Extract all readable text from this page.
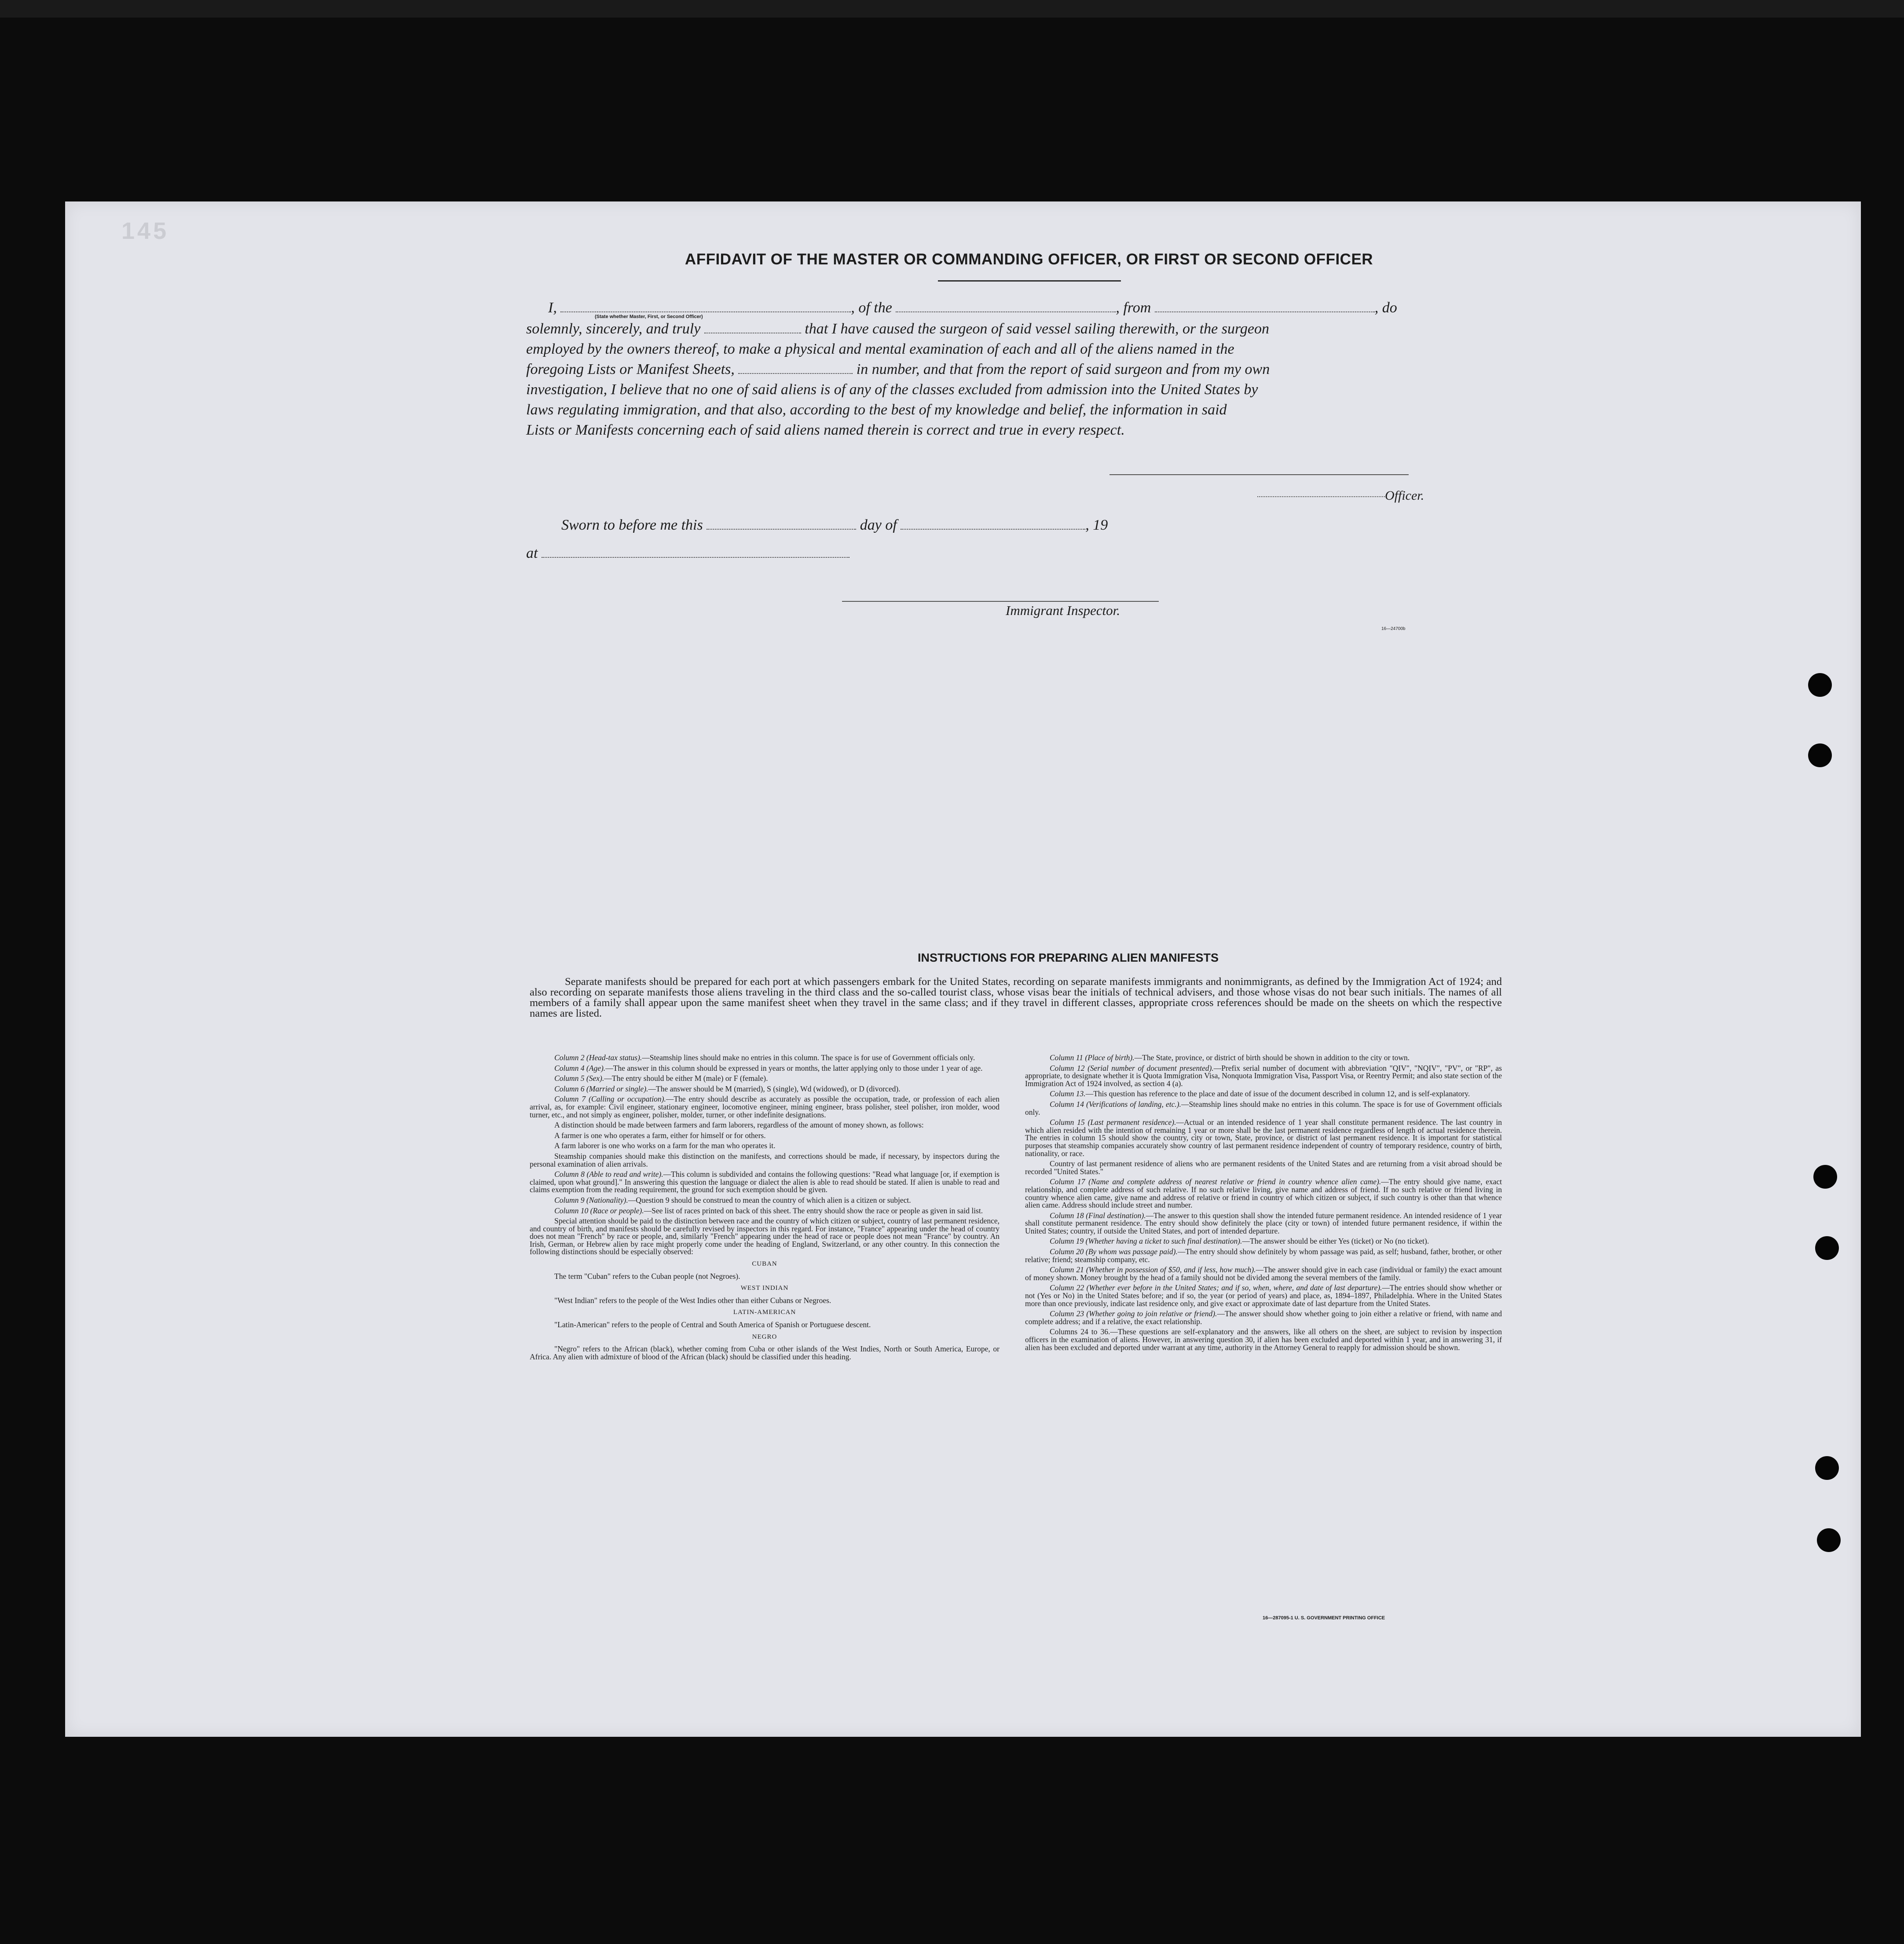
145
AFFIDAVIT OF THE MASTER OR COMMANDING OFFICER, OR FIRST OR SECOND OFFICER
I,	, of the	, from	, do
(State whether Master, First, or Second Officer)
solemnly, sincerely, and truly	that I have caused the surgeon of said vessel sailing therewith, or the surgeon
employed by the owners thereof, to make a physical and mental examination of each and all of the aliens named in the
foregoing Lists or Manifest Sheets,	in number, and that from the report of said surgeon and from my own
investigation, I believe that no one of said aliens is of any of the classes excluded from admission into the United States by
laws regulating immigration, and that also, according to the best of my knowledge and belief, the information in said
Lists or Manifests concerning each of said aliens named therein is correct and true in every respect.
Officer.
Sworn to before me this	day of	, 19
at
Immigrant Inspector.
16—24700b
INSTRUCTIONS FOR PREPARING ALIEN MANIFESTS
Separate manifests should be prepared for each port at which passengers embark for the United States, recording on separate manifests immigrants and nonimmigrants, as defined by the Immigration Act of 1924; and also recording on separate manifests those aliens traveling in the third class and the so-called tourist class, whose visas bear the initials of technical advisers, and those whose visas do not bear such initials. The names of all members of a family shall appear upon the same manifest sheet when they travel in the same class; and if they travel in different classes, appropriate cross references should be made on the sheets on which the respective names are listed.

Column 2 (Head-tax status).—Steamship lines should make no entries in this column. The space is for use of Government officials only.

Column 4 (Age).—The answer in this column should be expressed in years or months, the latter applying only to those under 1 year of age.

Column 5 (Sex).—The entry should be either M (male) or F (female).

Column 6 (Married or single).—The answer should be M (married), S (single), Wd (widowed), or D (divorced).

Column 7 (Calling or occupation).—The entry should describe as accurately as possible the occupation, trade, or profession of each alien arrival, as, for example: Civil engineer, stationary engineer, locomotive engineer, mining engineer, brass polisher, steel polisher, iron molder, wood turner, etc., and not simply as engineer, polisher, molder, turner, or other indefinite designations.

A distinction should be made between farmers and farm laborers, regardless of the amount of money shown, as follows:

A farmer is one who operates a farm, either for himself or for others.

A farm laborer is one who works on a farm for the man who operates it.

Steamship companies should make this distinction on the manifests, and corrections should be made, if necessary, by inspectors during the personal examination of alien arrivals.

Column 8 (Able to read and write).—This column is subdivided and contains the following questions: "Read what language [or, if exemption is claimed, upon what ground]." In answering this question the language or dialect the alien is able to read should be stated. If alien is unable to read and claims exemption from the reading requirement, the ground for such exemption should be given.

Column 9 (Nationality).—Question 9 should be construed to mean the country of which alien is a citizen or subject.

Column 10 (Race or people).—See list of races printed on back of this sheet. The entry should show the race or people as given in said list.

Special attention should be paid to the distinction between race and the country of which citizen or subject, country of last permanent residence, and country of birth, and manifests should be carefully revised by inspectors in this regard. For instance, "France" appearing under the head of country does not mean "French" by race or people, and, similarly "French" appearing under the head of race or people does not mean "France" by country. An Irish, German, or Hebrew alien by race might properly come under the heading of England, Switzerland, or any other country. In this connection the following distinctions should be especially observed:

CUBAN

The term "Cuban" refers to the Cuban people (not Negroes).

WEST INDIAN

"West Indian" refers to the people of the West Indies other than either Cubans or Negroes.

LATIN-AMERICAN

"Latin-American" refers to the people of Central and South America of Spanish or Portuguese descent.

NEGRO

"Negro" refers to the African (black), whether coming from Cuba or other islands of the West Indies, North or South America, Europe, or Africa. Any alien with admixture of blood of the African (black) should be classified under this heading.

Column 11 (Place of birth).—The State, province, or district of birth should be shown in addition to the city or town.

Column 12 (Serial number of document presented).—Prefix serial number of document with abbreviation "QIV", "NQIV", "PV", or "RP", as appropriate, to designate whether it is Quota Immigration Visa, Nonquota Immigration Visa, Passport Visa, or Reentry Permit; and also state section of the Immigration Act of 1924 involved, as section 4 (a).

Column 13.—This question has reference to the place and date of issue of the document described in column 12, and is self-explanatory.

Column 14 (Verifications of landing, etc.).—Steamship lines should make no entries in this column. The space is for use of Government officials only.

Column 15 (Last permanent residence).—Actual or an intended residence of 1 year shall constitute permanent residence. The last country in which alien resided with the intention of remaining 1 year or more shall be the last permanent residence regardless of length of actual residence therein. The entries in column 15 should show the country, city or town, State, province, or district of last permanent residence. It is important for statistical purposes that steamship companies accurately show country of last permanent residence independent of country of temporary residence, country of birth, nationality, or race.

Country of last permanent residence of aliens who are permanent residents of the United States and are returning from a visit abroad should be recorded "United States."

Column 17 (Name and complete address of nearest relative or friend in country whence alien came).—The entry should give name, exact relationship, and complete address of such relative. If no such relative living, give name and address of friend. If no such relative or friend living in country whence alien came, give name and address of relative or friend in country of which citizen or subject, if such country is other than that whence alien came. Address should include street and number.

Column 18 (Final destination).—The answer to this question shall show the intended future permanent residence. An intended residence of 1 year shall constitute permanent residence. The entry should show definitely the place (city or town) of intended future permanent residence, if within the United States; country, if outside the United States, and port of intended departure.

Column 19 (Whether having a ticket to such final destination).—The answer should be either Yes (ticket) or No (no ticket).

Column 20 (By whom was passage paid).—The entry should show definitely by whom passage was paid, as self; husband, father, brother, or other relative; friend; steamship company, etc.

Column 21 (Whether in possession of $50, and if less, how much).—The answer should give in each case (individual or family) the exact amount of money shown. Money brought by the head of a family should not be divided among the several members of the family.

Column 22 (Whether ever before in the United States; and if so, when, where, and date of last departure).—The entries should show whether or not (Yes or No) in the United States before; and if so, the year (or period of years) and place, as, 1894–1897, Philadelphia. Where in the United States more than once previously, indicate last residence only, and give exact or approximate date of last departure from the United States.

Column 23 (Whether going to join relative or friend).—The answer should show whether going to join either a relative or friend, with name and complete address; and if a relative, the exact relationship.

Columns 24 to 36.—These questions are self-explanatory and the answers, like all others on the sheet, are subject to revision by inspection officers in the examination of aliens. However, in answering question 30, if alien has been excluded and deported within 1 year, and in answering 31, if alien has been excluded and deported under warrant at any time, authority in the Attorney General to reapply for admission should be shown.

16—287095-1 U. S. GOVERNMENT PRINTING OFFICE
